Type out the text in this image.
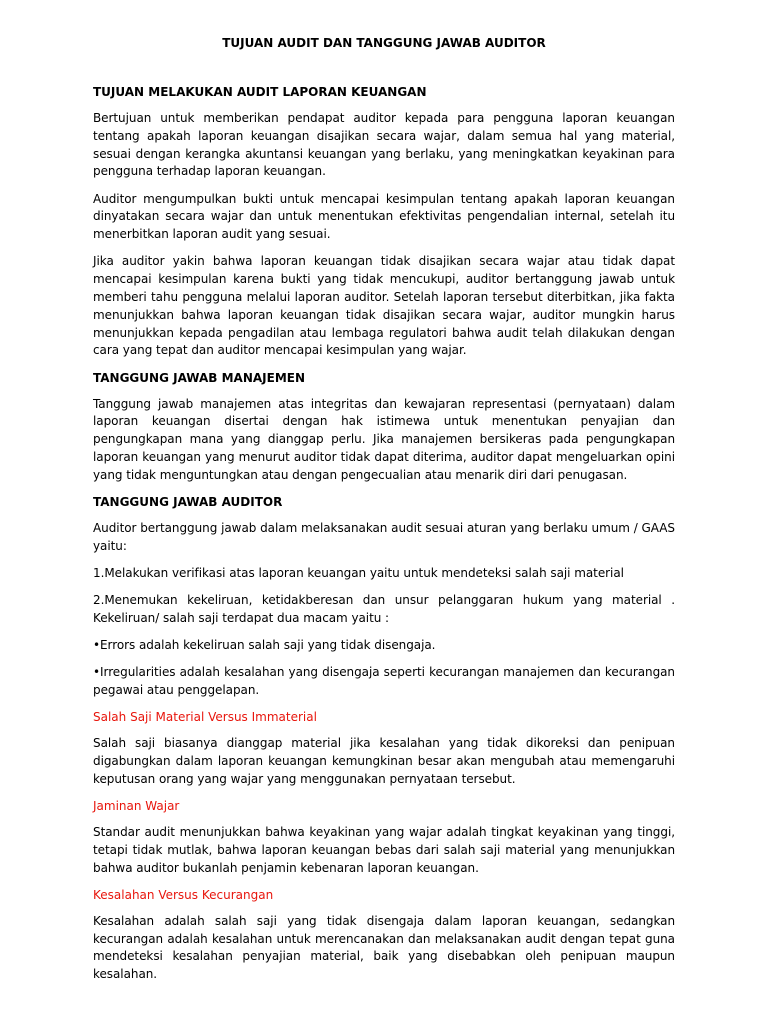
TUJUAN AUDIT DAN TANGGUNG JAWAB AUDITOR
TUJUAN MELAKUKAN AUDIT LAPORAN KEUANGAN

Bertujuan untuk memberikan pendapat auditor kepada para pengguna laporan keuangan tentang apakah laporan keuangan disajikan secara wajar, dalam semua hal yang material, sesuai dengan kerangka akuntansi keuangan yang berlaku, yang meningkatkan keyakinan para pengguna terhadap laporan keuangan.

Auditor mengumpulkan bukti untuk mencapai kesimpulan tentang apakah laporan keuangan dinyatakan secara wajar dan untuk menentukan efektivitas pengendalian internal, setelah itu menerbitkan laporan audit yang sesuai.

Jika auditor yakin bahwa laporan keuangan tidak disajikan secara wajar atau tidak dapat mencapai kesimpulan karena bukti yang tidak mencukupi, auditor bertanggung jawab untuk memberi tahu pengguna melalui laporan auditor. Setelah laporan tersebut diterbitkan, jika fakta menunjukkan bahwa laporan keuangan tidak disajikan secara wajar, auditor mungkin harus menunjukkan kepada pengadilan atau lembaga regulatori bahwa audit telah dilakukan dengan cara yang tepat dan auditor mencapai kesimpulan yang wajar.

TANGGUNG JAWAB MANAJEMEN

Tanggung jawab manajemen atas integritas dan kewajaran representasi (pernyataan) dalam laporan keuangan disertai dengan hak istimewa untuk menentukan penyajian dan pengungkapan mana yang dianggap perlu. Jika manajemen bersikeras pada pengungkapan laporan keuangan yang menurut auditor tidak dapat diterima, auditor dapat mengeluarkan opini yang tidak menguntungkan atau dengan pengecualian atau menarik diri dari penugasan.

TANGGUNG JAWAB AUDITOR

Auditor bertanggung jawab dalam melaksanakan audit sesuai aturan yang berlaku umum / GAAS yaitu:

1.Melakukan verifikasi atas laporan keuangan yaitu untuk mendeteksi salah saji material

2.Menemukan kekeliruan, ketidakberesan dan unsur pelanggaran hukum yang material . Kekeliruan/ salah saji terdapat dua macam yaitu :

•Errors adalah kekeliruan salah saji yang tidak disengaja.

•Irregularities adalah kesalahan yang disengaja seperti kecurangan manajemen dan kecurangan pegawai atau penggelapan.

Salah Saji Material Versus Immaterial

Salah saji biasanya dianggap material jika kesalahan yang tidak dikoreksi dan penipuan digabungkan dalam laporan keuangan kemungkinan besar akan mengubah atau memengaruhi keputusan orang yang wajar yang menggunakan pernyataan tersebut.

Jaminan Wajar

Standar audit menunjukkan bahwa keyakinan yang wajar adalah tingkat keyakinan yang tinggi, tetapi tidak mutlak, bahwa laporan keuangan bebas dari salah saji material yang menunjukkan bahwa auditor bukanlah penjamin kebenaran laporan keuangan.

Kesalahan Versus Kecurangan

Kesalahan adalah salah saji yang tidak disengaja dalam laporan keuangan, sedangkan kecurangan adalah kesalahan untuk merencanakan dan melaksanakan audit dengan tepat guna mendeteksi kesalahan penyajian material, baik yang disebabkan oleh penipuan maupun kesalahan.
